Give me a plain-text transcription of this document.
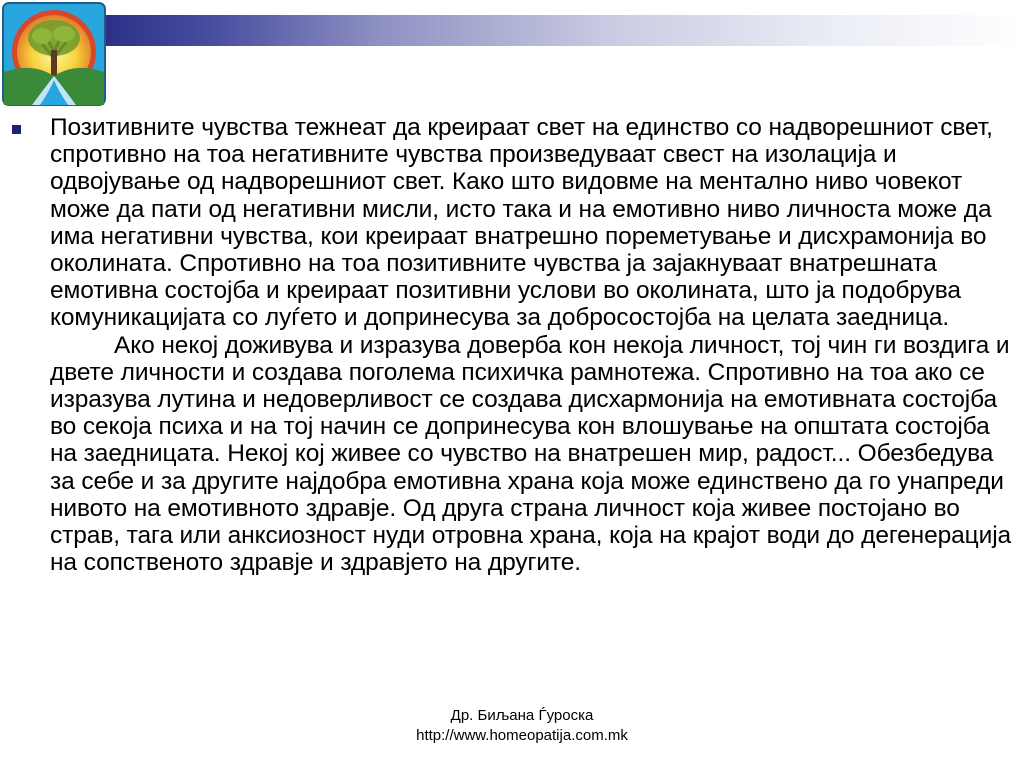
Позитивните чувства тежнеат да креираат свет на единство со надворешниот свет, спротивно на тоа негативните чувства произведуваат свест на изолација и одвојување од надворешниот свет. Како што видовме на ментално ниво човекот може да пати од негативни мисли, исто така и на емотивно ниво личноста може да има негативни чувства, кои креираат внатрешно пореметување и дисхрамонија во околината. Спротивно на тоа позитивните чувства ја зајакнуваат внатрешната емотивна состојба и креираат позитивни услови во околината, што ја подобрува комуникацијата со луѓето и допринесува за добросостојба на целата заедница.

Ако некој доживува и изразува доверба кон некоја личност, тој чин ги воздига и двете личности и создава поголема психичка рамнотежа. Спротивно на тоа ако се изразува лутина и недоверливост се создава дисхармонија на емотивната состојба во секоја психа и на тој начин се допринесува кон влошување на општата состојба на заедницата. Некој кој живее со чувство на внатрешен мир, радост... Обезбедува за себе и за другите најдобра емотивна храна која може единствено да го унапреди нивото на емотивното здравје. Од друга страна личност која живее постојано во страв, тага или анксиозност нуди отровна храна, која на крајот води до дегенерација на сопственото здравје и здравјето на другите.

Др. Биљана Ѓуроска
http://www.homeopatija.com.mk
